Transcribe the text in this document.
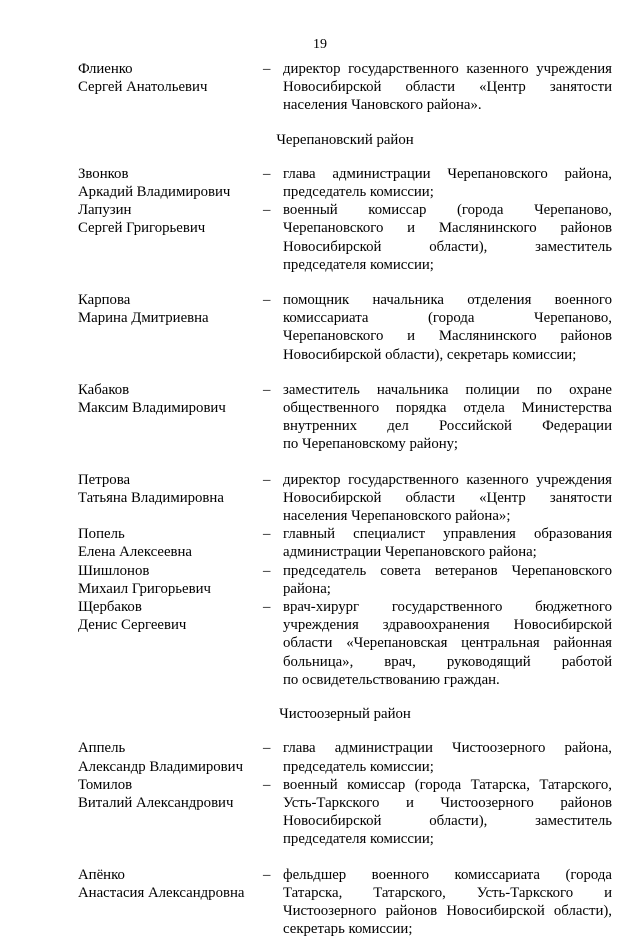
19
Флиенко
Сергей Анатольевич
– директор государственного казенного учреждения
Новосибирской области «Центр занятости
населения Чановского района».
Черепановский район
Звонков
Аркадий Владимирович
– глава администрации Черепановского района,
председатель комиссии;
Лапузин
Сергей Григорьевич
– военный комиссар (города Черепаново,
Черепановского и Маслянинского районов
Новосибирской области), заместитель
председателя комиссии;
Карпова
Марина Дмитриевна
– помощник начальника отделения военного
комиссариата (города Черепаново,
Черепановского и Маслянинского районов
Новосибирской области), секретарь комиссии;
Кабаков
Максим Владимирович
– заместитель начальника полиции по охране
общественного порядка отдела Министерства
внутренних дел Российской Федерации
по Черепановскому району;
Петрова
Татьяна Владимировна
– директор государственного казенного учреждения
Новосибирской области «Центр занятости
населения Черепановского района»;
Попель
Елена Алексеевна
– главный специалист управления образования
администрации Черепановского района;
Шишлонов
Михаил Григорьевич
– председатель совета ветеранов Черепановского
района;
Щербаков
Денис Сергеевич
– врач-хирург государственного бюджетного
учреждения здравоохранения Новосибирской
области «Черепановская центральная районная
больница», врач, руководящий работой
по освидетельствованию граждан.
Чистоозерный район
Аппель
Александр Владимирович
– глава администрации Чистоозерного района,
председатель комиссии;
Томилов
Виталий Александрович
– военный комиссар (города Татарска, Татарского,
Усть-Таркского и Чистоозерного районов
Новосибирской области), заместитель
председателя комиссии;
Апёнко
Анастасия Александровна
– фельдшер военного комиссариата (города
Татарска, Татарского, Усть-Таркского и
Чистоозерного районов Новосибирской области),
секретарь комиссии;
